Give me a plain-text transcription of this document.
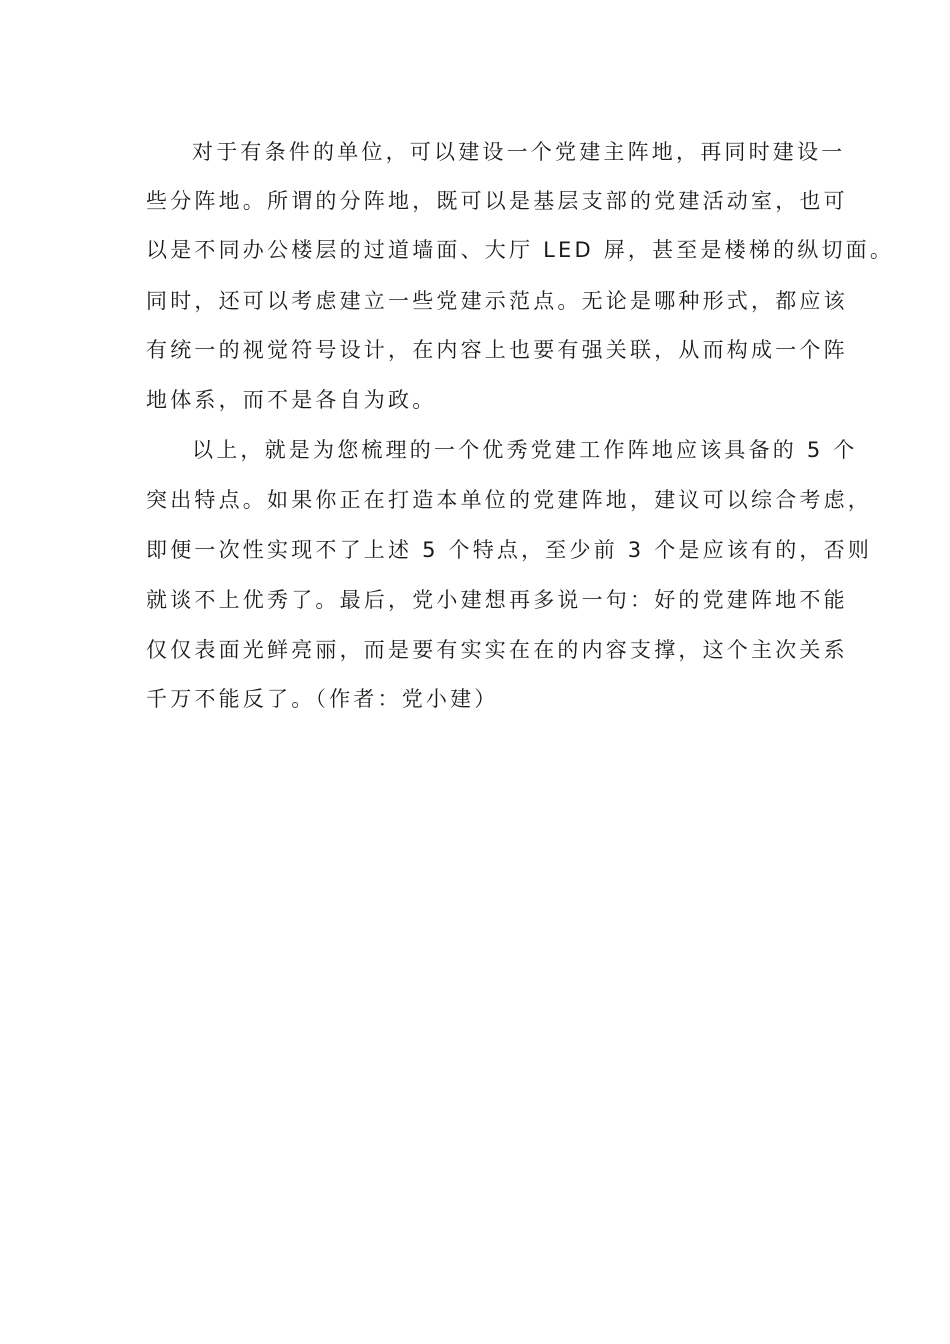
对于有条件的单位，可以建设一个党建主阵地，再同时建设一
些分阵地。所谓的分阵地，既可以是基层支部的党建活动室，也可
以是不同办公楼层的过道墙面、大厅 LED 屏，甚至是楼梯的纵切面。
同时，还可以考虑建立一些党建示范点。无论是哪种形式，都应该
有统一的视觉符号设计，在内容上也要有强关联，从而构成一个阵
地体系，而不是各自为政。
以上，就是为您梳理的一个优秀党建工作阵地应该具备的 5 个
突出特点。如果你正在打造本单位的党建阵地，建议可以综合考虑，
即便一次性实现不了上述 5 个特点，至少前 3 个是应该有的，否则
就谈不上优秀了。最后，党小建想再多说一句：好的党建阵地不能
仅仅表面光鲜亮丽，而是要有实实在在的内容支撑，这个主次关系
千万不能反了。（作者：党小建）
